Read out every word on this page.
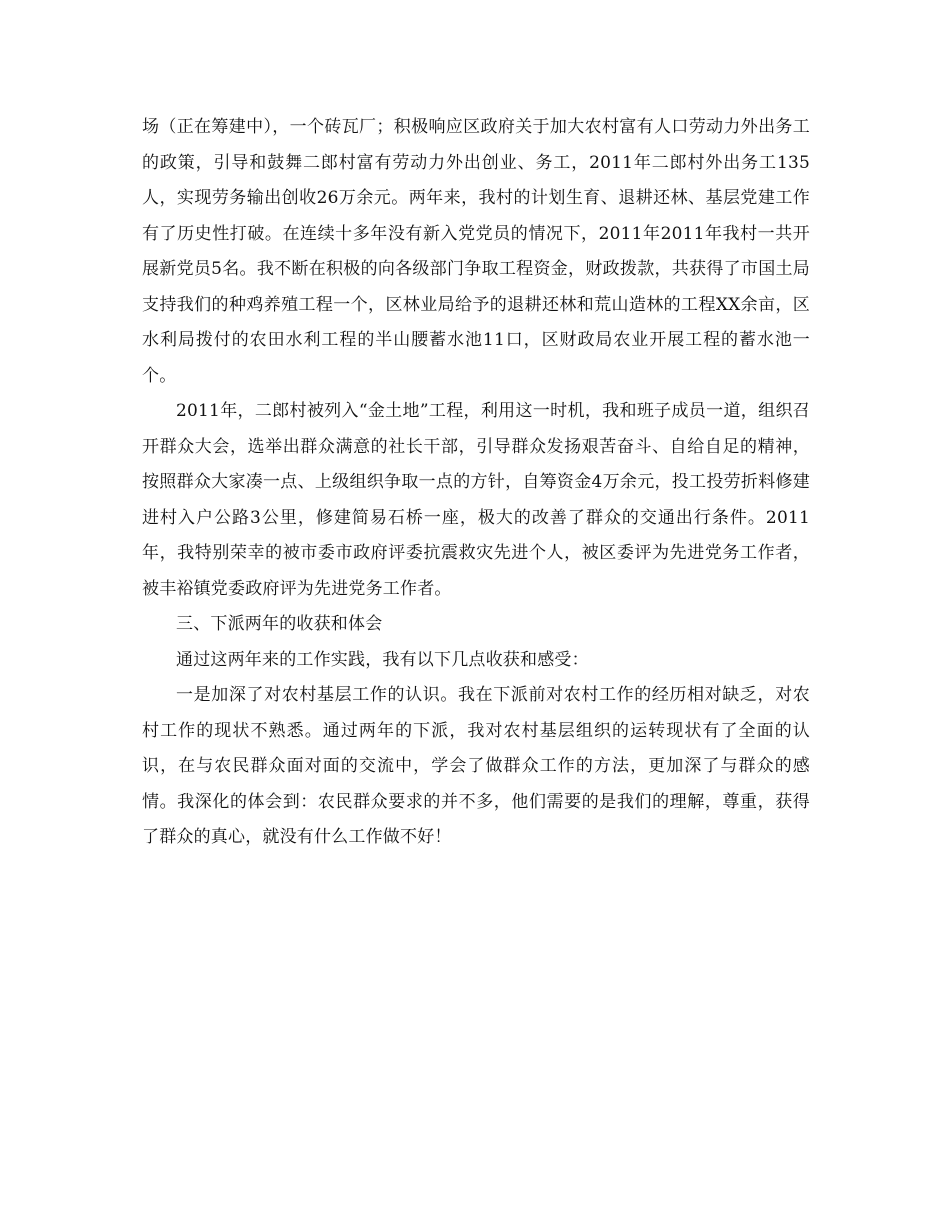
场（正在筹建中），一个砖瓦厂；积极响应区政府关于加大农村富有人口劳动力外出务工的政策，引导和鼓舞二郎村富有劳动力外出创业、务工，2011年二郎村外出务工135人，实现劳务输出创收26万余元。两年来，我村的计划生育、退耕还林、基层党建工作有了历史性打破。在连续十多年没有新入党党员的情况下，2011年2011年我村一共开展新党员5名。我不断在积极的向各级部门争取工程资金，财政拨款，共获得了市国土局支持我们的种鸡养殖工程一个，区林业局给予的退耕还林和荒山造林的工程XX余亩，区水利局拨付的农田水利工程的半山腰蓄水池11口，区财政局农业开展工程的蓄水池一个。

2011年，二郎村被列入“金土地”工程，利用这一时机，我和班子成员一道，组织召开群众大会，选举出群众满意的社长干部，引导群众发扬艰苦奋斗、自给自足的精神，按照群众大家凑一点、上级组织争取一点的方针，自筹资金4万余元，投工投劳折料修建进村入户公路3公里，修建简易石桥一座，极大的改善了群众的交通出行条件。2011年，我特别荣幸的被市委市政府评委抗震救灾先进个人，被区委评为先进党务工作者，被丰裕镇党委政府评为先进党务工作者。

三、下派两年的收获和体会

通过这两年来的工作实践，我有以下几点收获和感受：

一是加深了对农村基层工作的认识。我在下派前对农村工作的经历相对缺乏，对农村工作的现状不熟悉。通过两年的下派，我对农村基层组织的运转现状有了全面的认识，在与农民群众面对面的交流中，学会了做群众工作的方法，更加深了与群众的感情。我深化的体会到：农民群众要求的并不多，他们需要的是我们的理解，尊重，获得了群众的真心，就没有什么工作做不好！
